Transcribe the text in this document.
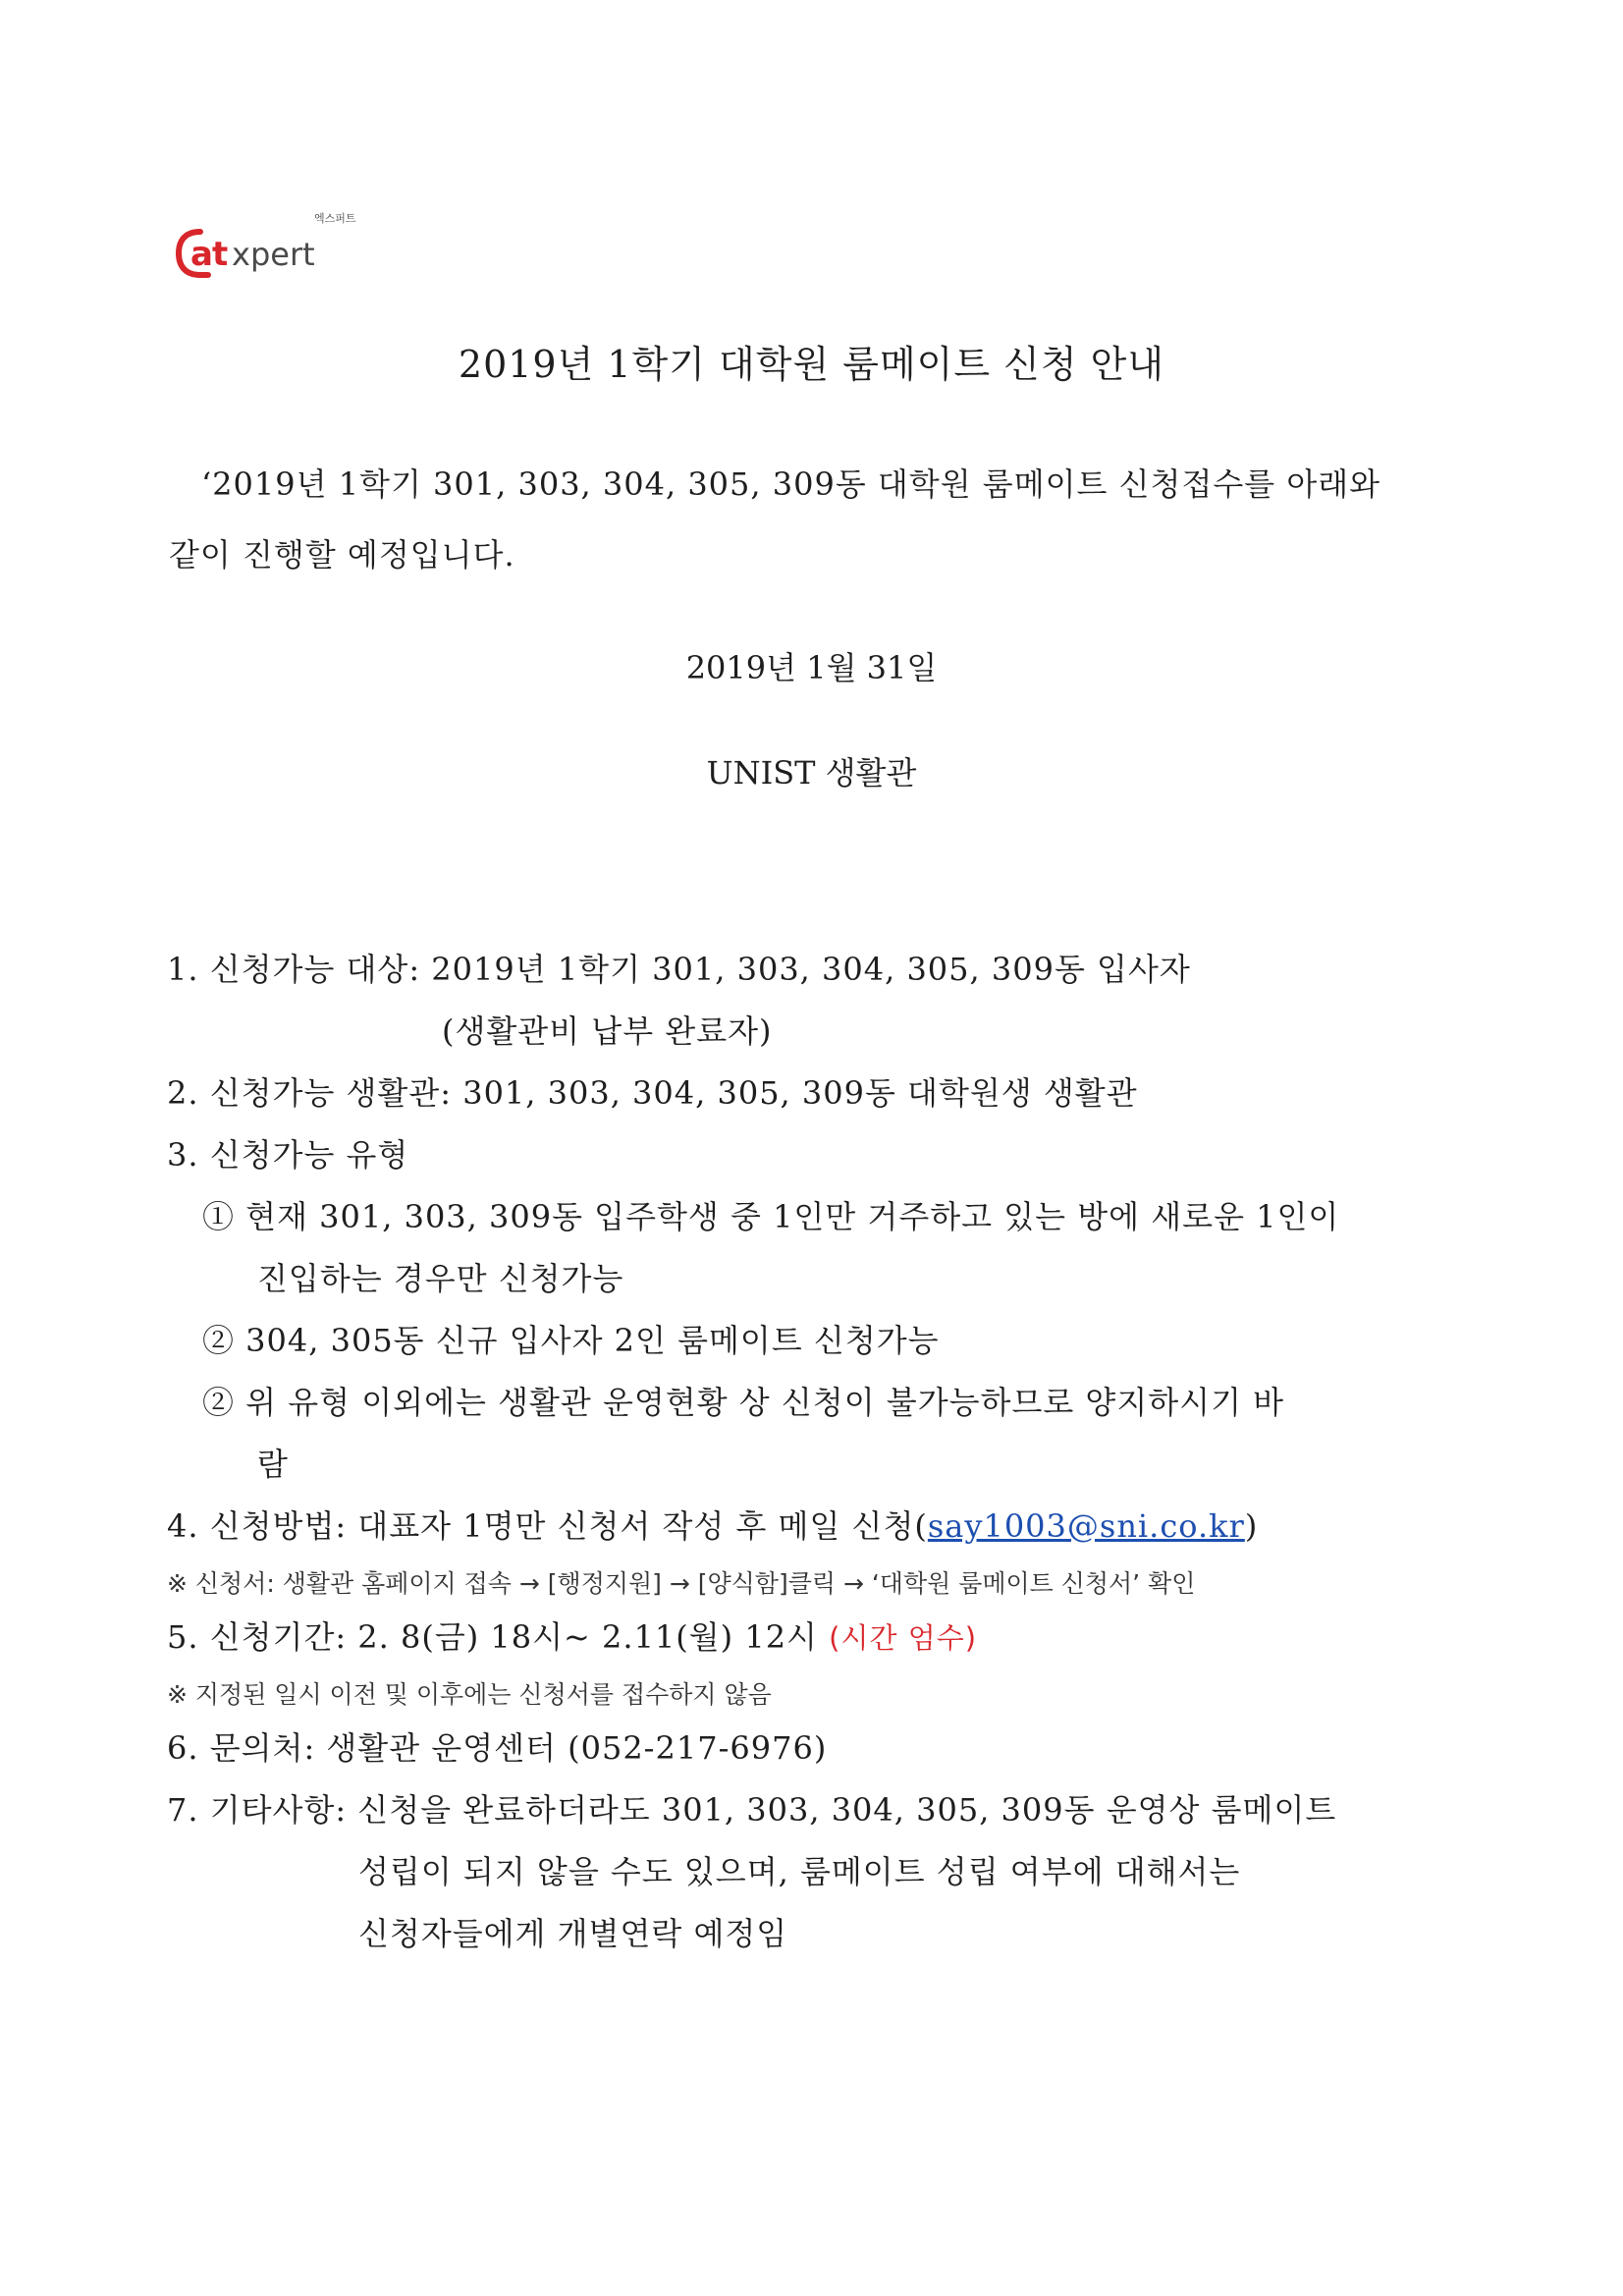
엑스퍼트
a t xpert
2019년 1학기 대학원 룸메이트 신청 안내
‘2019년 1학기 301, 303, 304, 305, 309동 대학원 룸메이트 신청접수를 아래와
같이 진행할 예정입니다.
2019년 1월 31일
UNIST 생활관
1. 신청가능 대상: 2019년 1학기 301, 303, 304, 305, 309동 입사자
(생활관비 납부 완료자)
2. 신청가능 생활관: 301, 303, 304, 305, 309동 대학원생 생활관
3. 신청가능 유형
① 현재 301, 303, 309동 입주학생 중 1인만 거주하고 있는 방에 새로운 1인이
진입하는 경우만 신청가능
② 304, 305동 신규 입사자 2인 룸메이트 신청가능
② 위 유형 이외에는 생활관 운영현황 상 신청이 불가능하므로 양지하시기 바
람
4. 신청방법: 대표자 1명만 신청서 작성 후 메일 신청(say1003@sni.co.kr)
※ 신청서: 생활관 홈페이지 접속 → [행정지원] → [양식함]클릭 → ‘대학원 룸메이트 신청서’ 확인
5. 신청기간: 2. 8(금) 18시~ 2.11(월) 12시 (시간 엄수)
※ 지정된 일시 이전 및 이후에는 신청서를 접수하지 않음
6. 문의처: 생활관 운영센터 (052-217-6976)
7. 기타사항: 신청을 완료하더라도 301, 303, 304, 305, 309동 운영상 룸메이트
성립이 되지 않을 수도 있으며, 룸메이트 성립 여부에 대해서는
신청자들에게 개별연락 예정임
